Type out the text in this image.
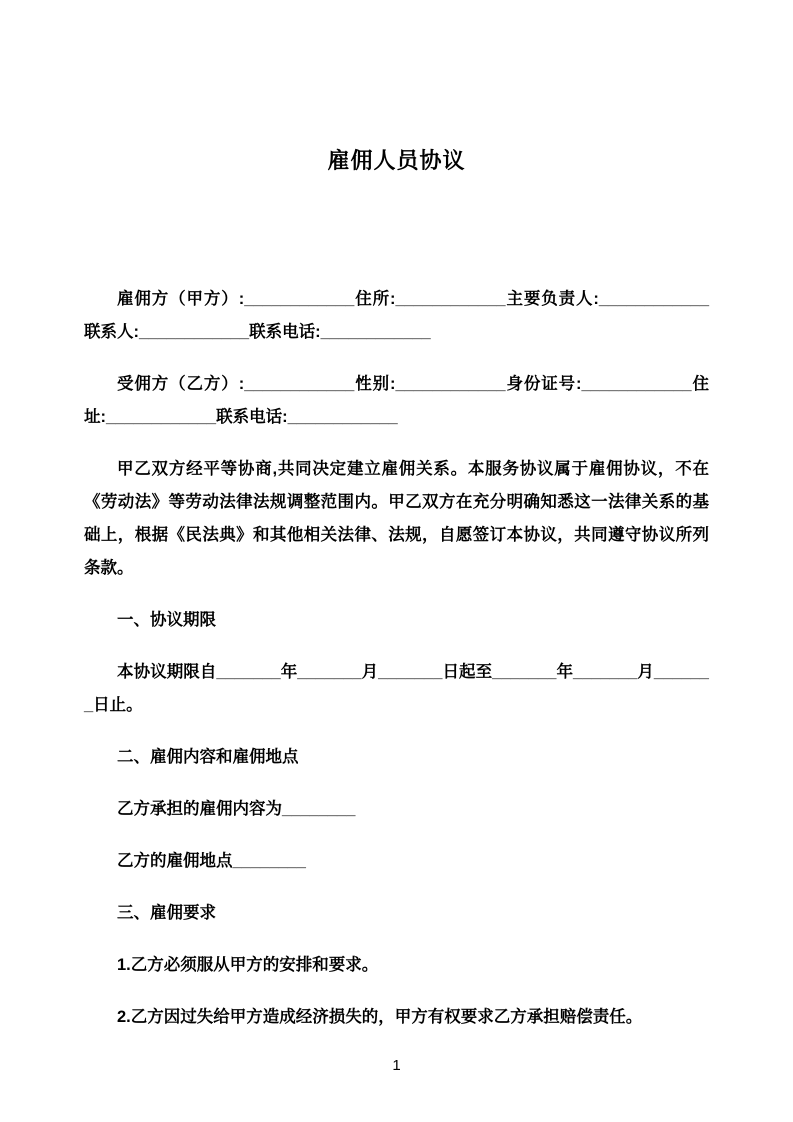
雇佣人员协议

雇佣方（甲方）:____________住所:____________主要负责人:____________联系人:____________联系电话:____________

受佣方（乙方）:____________性别:____________身份证号:____________住址:____________联系电话:____________

甲乙双方经平等协商,共同决定建立雇佣关系。本服务协议属于雇佣协议，不在《劳动法》等劳动法律法规调整范围内。甲乙双方在充分明确知悉这一法律关系的基础上，根据《民法典》和其他相关法律、法规，自愿签订本协议，共同遵守协议所列条款。

一、协议期限

本协议期限自_______年_______月_______日起至_______年_______月_______日止。

二、雇佣内容和雇佣地点

乙方承担的雇佣内容为________

乙方的雇佣地点________

三、雇佣要求

1.乙方必须服从甲方的安排和要求。

2.乙方因过失给甲方造成经济损失的，甲方有权要求乙方承担赔偿责任。

1
